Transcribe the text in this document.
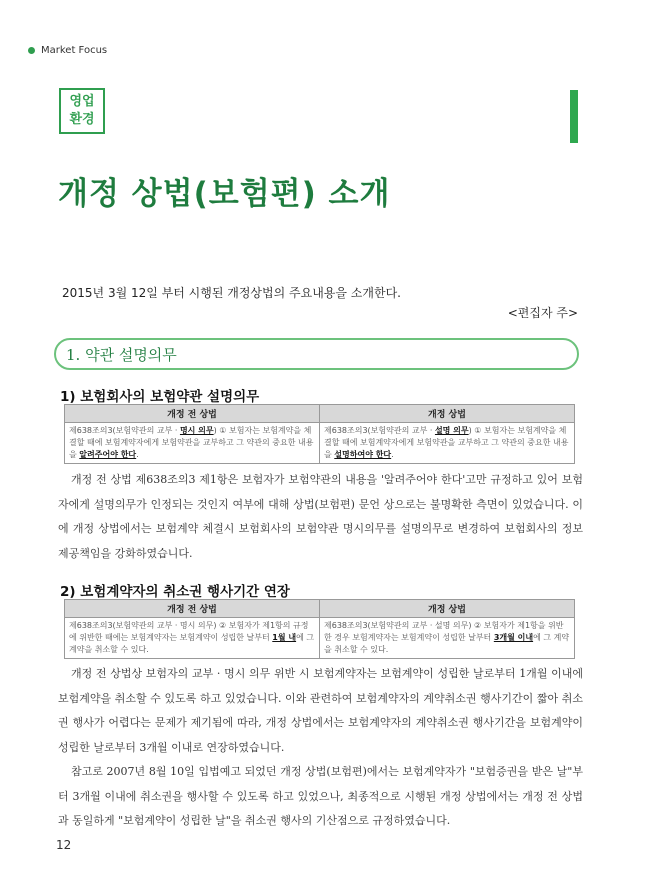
Market Focus
영업
환경
개정 상법(보험편) 소개
2015년 3월 12일 부터 시행된 개정상법의 주요내용을 소개한다.
<편집자 주>
1. 약관 설명의무
1) 보험회사의 보험약관 설명의무
개정 전 상법	개정 상법
제638조의3(보험약관의 교부 · 명시 의무) ① 보험자는 보험계약을 체결할 때에 보험계약자에게 보험약관을 교부하고 그 약관의 중요한 내용을 알려주어야 한다.	제638조의3(보험약관의 교부 · 설명 의무) ① 보험자는 보험계약을 체결할 때에 보험계약자에게 보험약관을 교부하고 그 약관의 중요한 내용을 설명하여야 한다.

개정 전 상법 제638조의3 제1항은 보험자가 보험약관의 내용을 '알려주어야 한다'고만 규정하고 있어 보험자에게 설명의무가 인정되는 것인지 여부에 대해 상법(보험편) 문언 상으로는 불명확한 측면이 있었습니다. 이에 개정 상법에서는 보험계약 체결시 보험회사의 보험약관 명시의무를 설명의무로 변경하여 보험회사의 정보제공책임을 강화하였습니다.

2) 보험계약자의 취소권 행사기간 연장
개정 전 상법	개정 상법
제638조의3(보험약관의 교부 · 명시 의무) ② 보험자가 제1항의 규정에 위반한 때에는 보험계약자는 보험계약이 성립한 날부터 1월 내에 그 계약을 취소할 수 있다.	제638조의3(보험약관의 교부 · 설명 의무) ② 보험자가 제1항을 위반한 경우 보험계약자는 보험계약이 성립한 날부터 3개월 이내에 그 계약을 취소할 수 있다.

개정 전 상법상 보험자의 교부 · 명시 의무 위반 시 보험계약자는 보험계약이 성립한 날로부터 1개월 이내에 보험계약을 취소할 수 있도록 하고 있었습니다. 이와 관련하여 보험계약자의 계약취소권 행사기간이 짧아 취소권 행사가 어렵다는 문제가 제기됨에 따라, 개정 상법에서는 보험계약자의 계약취소권 행사기간을 보험계약이 성립한 날로부터 3개월 이내로 연장하였습니다.

참고로 2007년 8월 10일 입법예고 되었던 개정 상법(보험편)에서는 보험계약자가 "보험증권을 받은 날"부터 3개월 이내에 취소권을 행사할 수 있도록 하고 있었으나, 최종적으로 시행된 개정 상법에서는 개정 전 상법과 동일하게 "보험계약이 성립한 날"을 취소권 행사의 기산점으로 규정하였습니다.

12
